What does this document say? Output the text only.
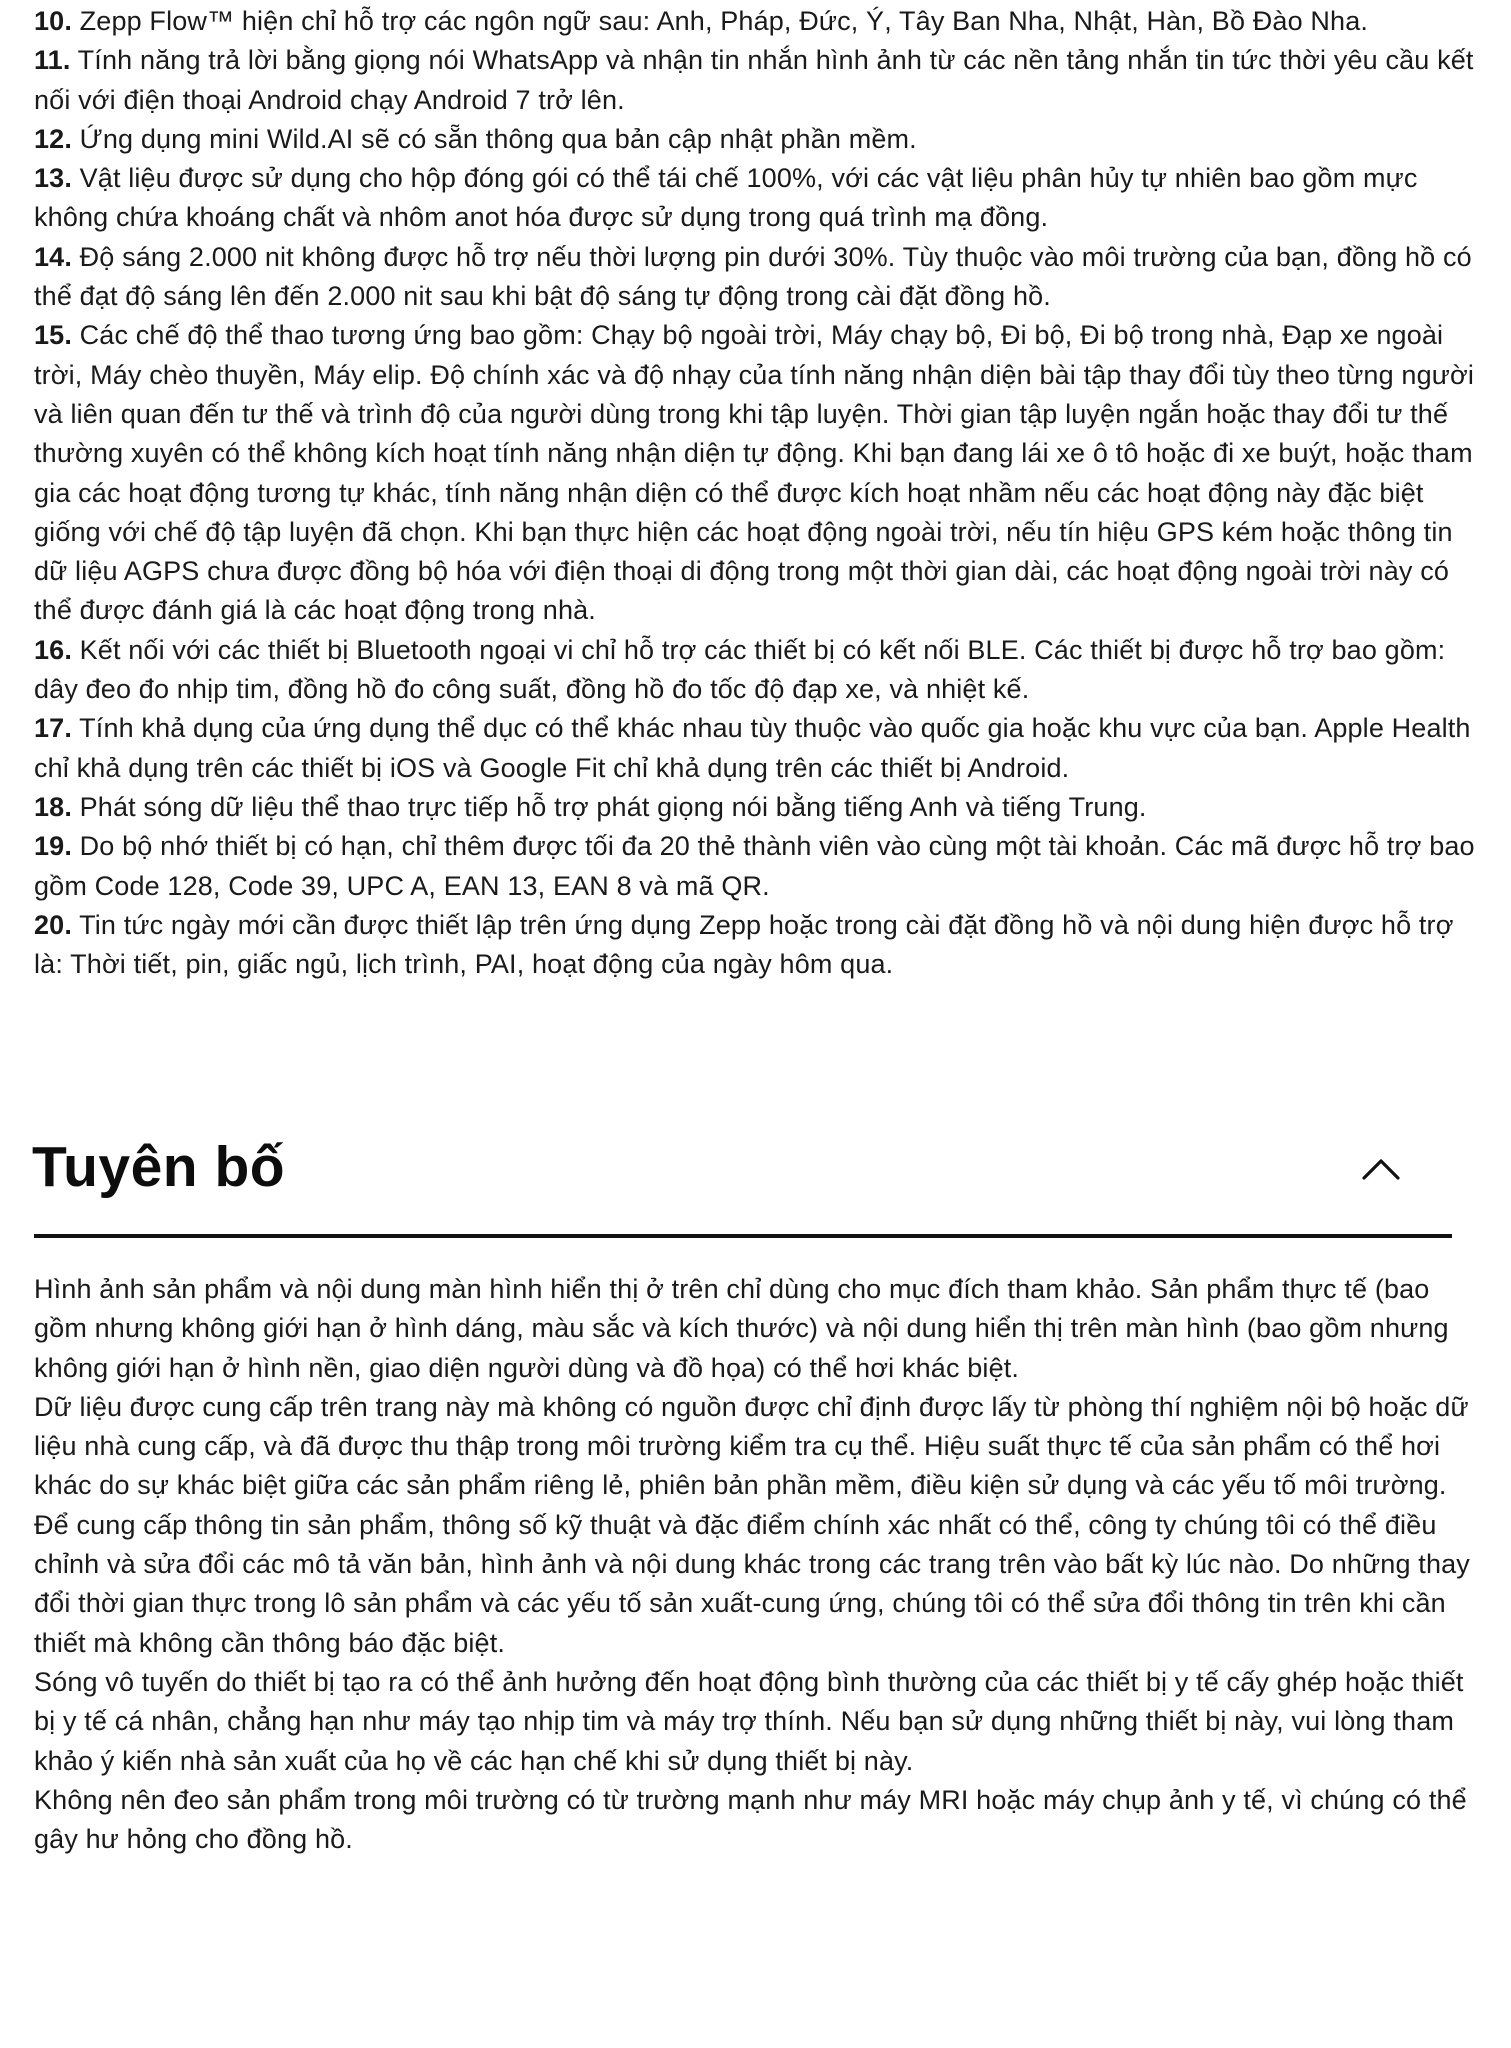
10. Zepp Flow™ hiện chỉ hỗ trợ các ngôn ngữ sau: Anh, Pháp, Đức, Ý, Tây Ban Nha, Nhật, Hàn, Bồ Đào Nha.
11. Tính năng trả lời bằng giọng nói WhatsApp và nhận tin nhắn hình ảnh từ các nền tảng nhắn tin tức thời yêu cầu kết nối với điện thoại Android chạy Android 7 trở lên.
12. Ứng dụng mini Wild.AI sẽ có sẵn thông qua bản cập nhật phần mềm.
13. Vật liệu được sử dụng cho hộp đóng gói có thể tái chế 100%, với các vật liệu phân hủy tự nhiên bao gồm mực không chứa khoáng chất và nhôm anot hóa được sử dụng trong quá trình mạ đồng.
14. Độ sáng 2.000 nit không được hỗ trợ nếu thời lượng pin dưới 30%. Tùy thuộc vào môi trường của bạn, đồng hồ có thể đạt độ sáng lên đến 2.000 nit sau khi bật độ sáng tự động trong cài đặt đồng hồ.
15. Các chế độ thể thao tương ứng bao gồm: Chạy bộ ngoài trời, Máy chạy bộ, Đi bộ, Đi bộ trong nhà, Đạp xe ngoài trời, Máy chèo thuyền, Máy elip. Độ chính xác và độ nhạy của tính năng nhận diện bài tập thay đổi tùy theo từng người và liên quan đến tư thế và trình độ của người dùng trong khi tập luyện. Thời gian tập luyện ngắn hoặc thay đổi tư thế thường xuyên có thể không kích hoạt tính năng nhận diện tự động. Khi bạn đang lái xe ô tô hoặc đi xe buýt, hoặc tham gia các hoạt động tương tự khác, tính năng nhận diện có thể được kích hoạt nhầm nếu các hoạt động này đặc biệt giống với chế độ tập luyện đã chọn. Khi bạn thực hiện các hoạt động ngoài trời, nếu tín hiệu GPS kém hoặc thông tin dữ liệu AGPS chưa được đồng bộ hóa với điện thoại di động trong một thời gian dài, các hoạt động ngoài trời này có thể được đánh giá là các hoạt động trong nhà.
16. Kết nối với các thiết bị Bluetooth ngoại vi chỉ hỗ trợ các thiết bị có kết nối BLE. Các thiết bị được hỗ trợ bao gồm: dây đeo đo nhịp tim, đồng hồ đo công suất, đồng hồ đo tốc độ đạp xe, và nhiệt kế.
17. Tính khả dụng của ứng dụng thể dục có thể khác nhau tùy thuộc vào quốc gia hoặc khu vực của bạn. Apple Health chỉ khả dụng trên các thiết bị iOS và Google Fit chỉ khả dụng trên các thiết bị Android.
18. Phát sóng dữ liệu thể thao trực tiếp hỗ trợ phát giọng nói bằng tiếng Anh và tiếng Trung.
19. Do bộ nhớ thiết bị có hạn, chỉ thêm được tối đa 20 thẻ thành viên vào cùng một tài khoản. Các mã được hỗ trợ bao gồm Code 128, Code 39, UPC A, EAN 13, EAN 8 và mã QR.
20. Tin tức ngày mới cần được thiết lập trên ứng dụng Zepp hoặc trong cài đặt đồng hồ và nội dung hiện được hỗ trợ là: Thời tiết, pin, giấc ngủ, lịch trình, PAI, hoạt động của ngày hôm qua.
Tuyên bố

Hình ảnh sản phẩm và nội dung màn hình hiển thị ở trên chỉ dùng cho mục đích tham khảo. Sản phẩm thực tế (bao gồm nhưng không giới hạn ở hình dáng, màu sắc và kích thước) và nội dung hiển thị trên màn hình (bao gồm nhưng không giới hạn ở hình nền, giao diện người dùng và đồ họa) có thể hơi khác biệt.

Dữ liệu được cung cấp trên trang này mà không có nguồn được chỉ định được lấy từ phòng thí nghiệm nội bộ hoặc dữ liệu nhà cung cấp, và đã được thu thập trong môi trường kiểm tra cụ thể. Hiệu suất thực tế của sản phẩm có thể hơi khác do sự khác biệt giữa các sản phẩm riêng lẻ, phiên bản phần mềm, điều kiện sử dụng và các yếu tố môi trường.

Để cung cấp thông tin sản phẩm, thông số kỹ thuật và đặc điểm chính xác nhất có thể, công ty chúng tôi có thể điều chỉnh và sửa đổi các mô tả văn bản, hình ảnh và nội dung khác trong các trang trên vào bất kỳ lúc nào. Do những thay đổi thời gian thực trong lô sản phẩm và các yếu tố sản xuất-cung ứng, chúng tôi có thể sửa đổi thông tin trên khi cần thiết mà không cần thông báo đặc biệt.

Sóng vô tuyến do thiết bị tạo ra có thể ảnh hưởng đến hoạt động bình thường của các thiết bị y tế cấy ghép hoặc thiết bị y tế cá nhân, chẳng hạn như máy tạo nhịp tim và máy trợ thính. Nếu bạn sử dụng những thiết bị này, vui lòng tham khảo ý kiến nhà sản xuất của họ về các hạn chế khi sử dụng thiết bị này.

Không nên đeo sản phẩm trong môi trường có từ trường mạnh như máy MRI hoặc máy chụp ảnh y tế, vì chúng có thể gây hư hỏng cho đồng hồ.
